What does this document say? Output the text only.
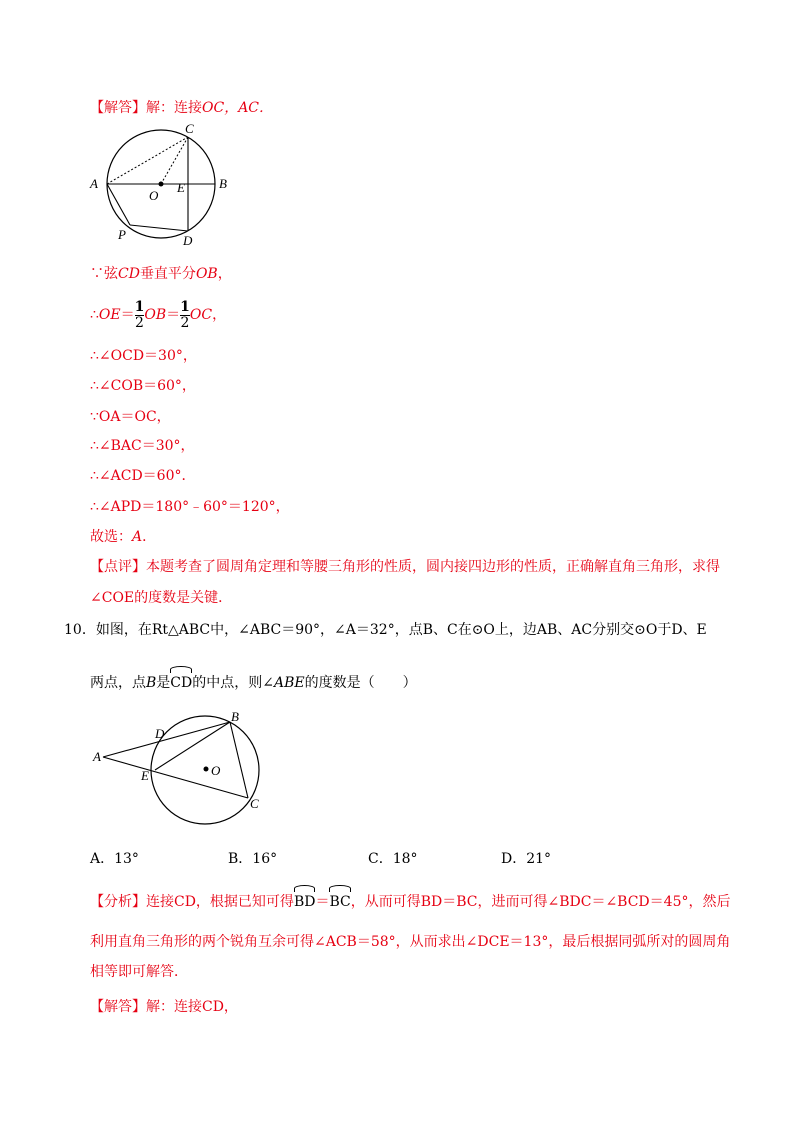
【解答】解：连接OC，AC．
C
A	B
O
E
P	D
∵弦CD垂直平分OB，
∴OE＝ $\frac{1}{2} OB= \frac{1}{2}$ OC，
∴∠OCD＝30°，
∴∠COB＝60°，
∵OA＝OC，
∴∠BAC＝30°，
∴∠ACD＝60°．
∴∠APD＝180°﹣60°＝120°，
故选：A．
【点评】本题考查了圆周角定理和等腰三角形的性质，圆内接四边形的性质，正确解直角三角形，求得
∠COE的度数是关键．
10．如图，在Rt△ABC中，∠ABC＝90°，∠A＝32°，点B、C在⊙O上，边AB、AC分别交⊙O于D、E
两点，点B是
CD的中点，则∠ABE的度数是（　　）
A
B
C
D
E	O
A．13°	B．16°	C．18°	D．21°
【分析】连接CD，根据已知可得
BD＝
BC，从而可得BD＝BC，进而可得∠BDC＝∠BCD＝45°，然后
利用直角三角形的两个锐角互余可得∠ACB＝58°，从而求出∠DCE＝13°，最后根据同弧所对的圆周角
相等即可解答．
【解答】解：连接CD，
